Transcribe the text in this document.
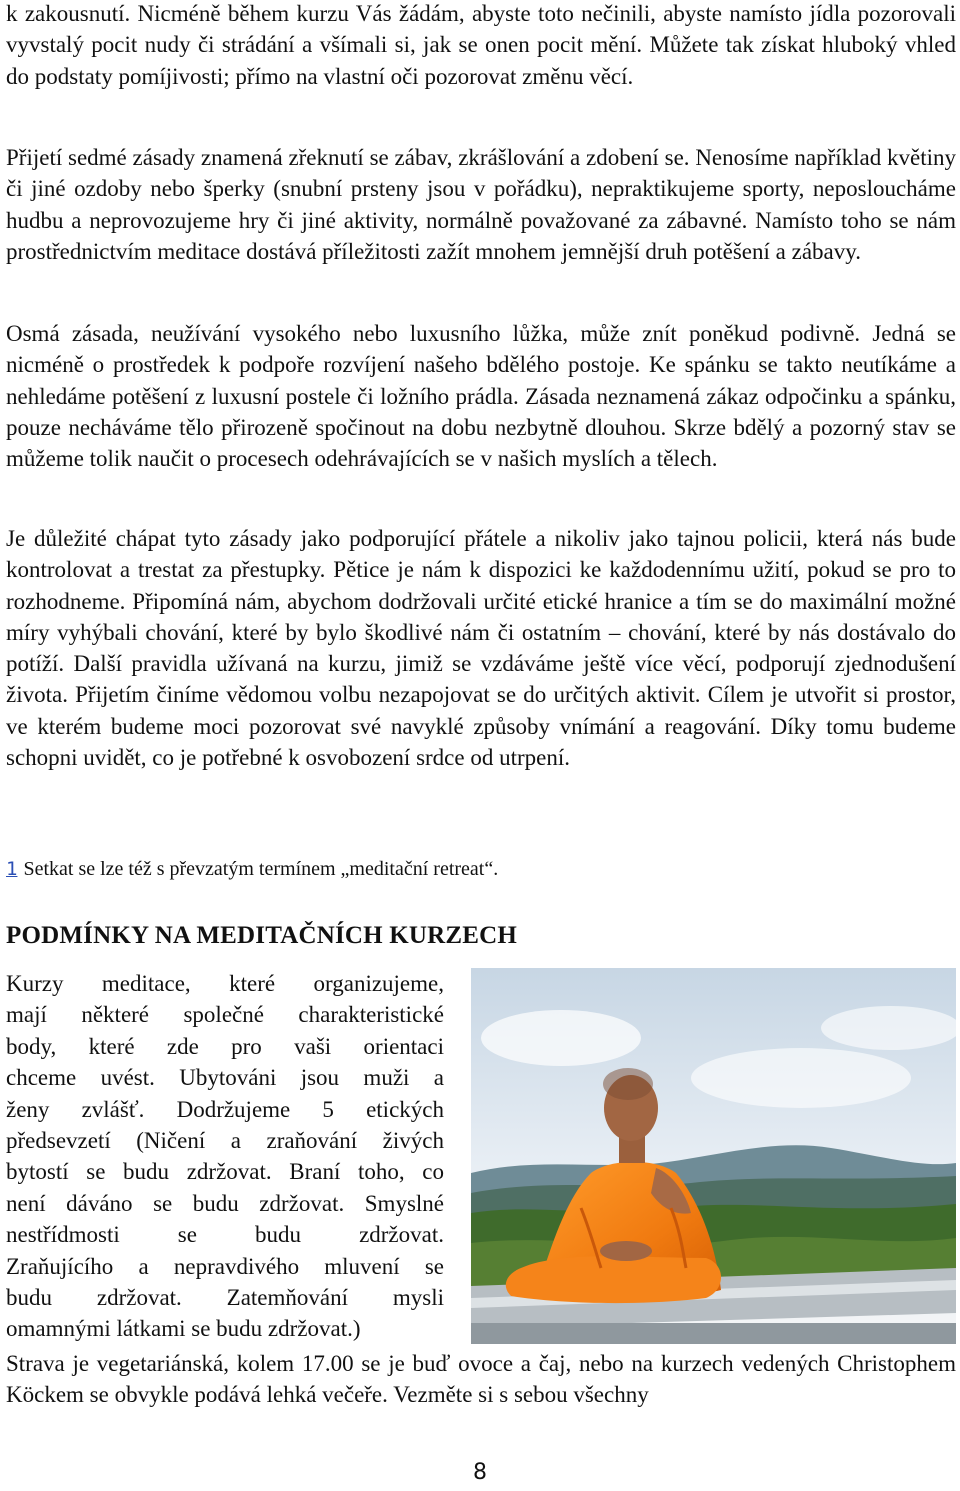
k zakousnutí. Nicméně během kurzu Vás žádám, abyste toto nečinili, abyste namísto jídla pozorovali vyvstalý pocit nudy či strádání a všímali si, jak se onen pocit mění. Můžete tak získat hluboký vhled do podstaty pomíjivosti; přímo na vlastní oči pozorovat změnu věcí.

Přijetí sedmé zásady znamená zřeknutí se zábav, zkrášlování a zdobení se. Nenosíme například květiny či jiné ozdoby nebo šperky (snubní prsteny jsou v pořádku), nepraktikujeme sporty, neposloucháme hudbu a neprovozujeme hry či jiné aktivity, normálně považované za zábavné. Namísto toho se nám prostřednictvím meditace dostává příležitosti zažít mnohem jemnější druh potěšení a zábavy.

Osmá zásada, neužívání vysokého nebo luxusního lůžka, může znít poněkud podivně. Jedná se nicméně o prostředek k podpoře rozvíjení našeho bdělého postoje. Ke spánku se takto neutíkáme a nehledáme potěšení z luxusní postele či ložního prádla. Zásada neznamená zákaz odpočinku a spánku, pouze necháváme tělo přirozeně spočinout na dobu nezbytně dlouhou. Skrze bdělý a pozorný stav se můžeme tolik naučit o procesech odehrávajících se v našich myslích a tělech.

Je důležité chápat tyto zásady jako podporující přátele a nikoliv jako tajnou policii, která nás bude kontrolovat a trestat za přestupky. Pětice je nám k dispozici ke každodennímu užití, pokud se pro to rozhodneme. Připomíná nám, abychom dodržovali určité etické hranice a tím se do maximální možné míry vyhýbali chování, které by bylo škodlivé nám či ostatním – chování, které by nás dostávalo do potíží. Další pravidla užívaná na kurzu, jimiž se vzdáváme ještě více věcí, podporují zjednodušení života. Přijetím činíme vědomou volbu nezapojovat se do určitých aktivit. Cílem je utvořit si prostor, ve kterém budeme moci pozorovat své navyklé způsoby vnímání a reagování. Díky tomu budeme schopni uvidět, co je potřebné k osvobození srdce od utrpení.

1 Setkat se lze též s převzatým termínem „meditační retreat“.
PODMÍNKY NA MEDITAČNÍCH KURZECH

Kurzy meditace, které organizujeme,

mají některé společné charakteristické

body, které zde pro vaši orientaci

chceme uvést. Ubytováni jsou muži a

ženy zvlášť. Dodržujeme 5 etických

předsevzetí (Ničení a zraňování živých

bytostí se budu zdržovat. Braní toho, co

není dáváno se budu zdržovat. Smyslné

nestřídmosti se budu zdržovat.

Zraňujícího a nepravdivého mluvení se

budu zdržovat. Zatemňování mysli

omamnými látkami se budu zdržovat.)

Strava je vegetariánská, kolem 17.00 se je buď ovoce a čaj, nebo na kurzech vedených Christophem Köckem se obvykle podává lehká večeře. Vezměte si s sebou všechny

8
